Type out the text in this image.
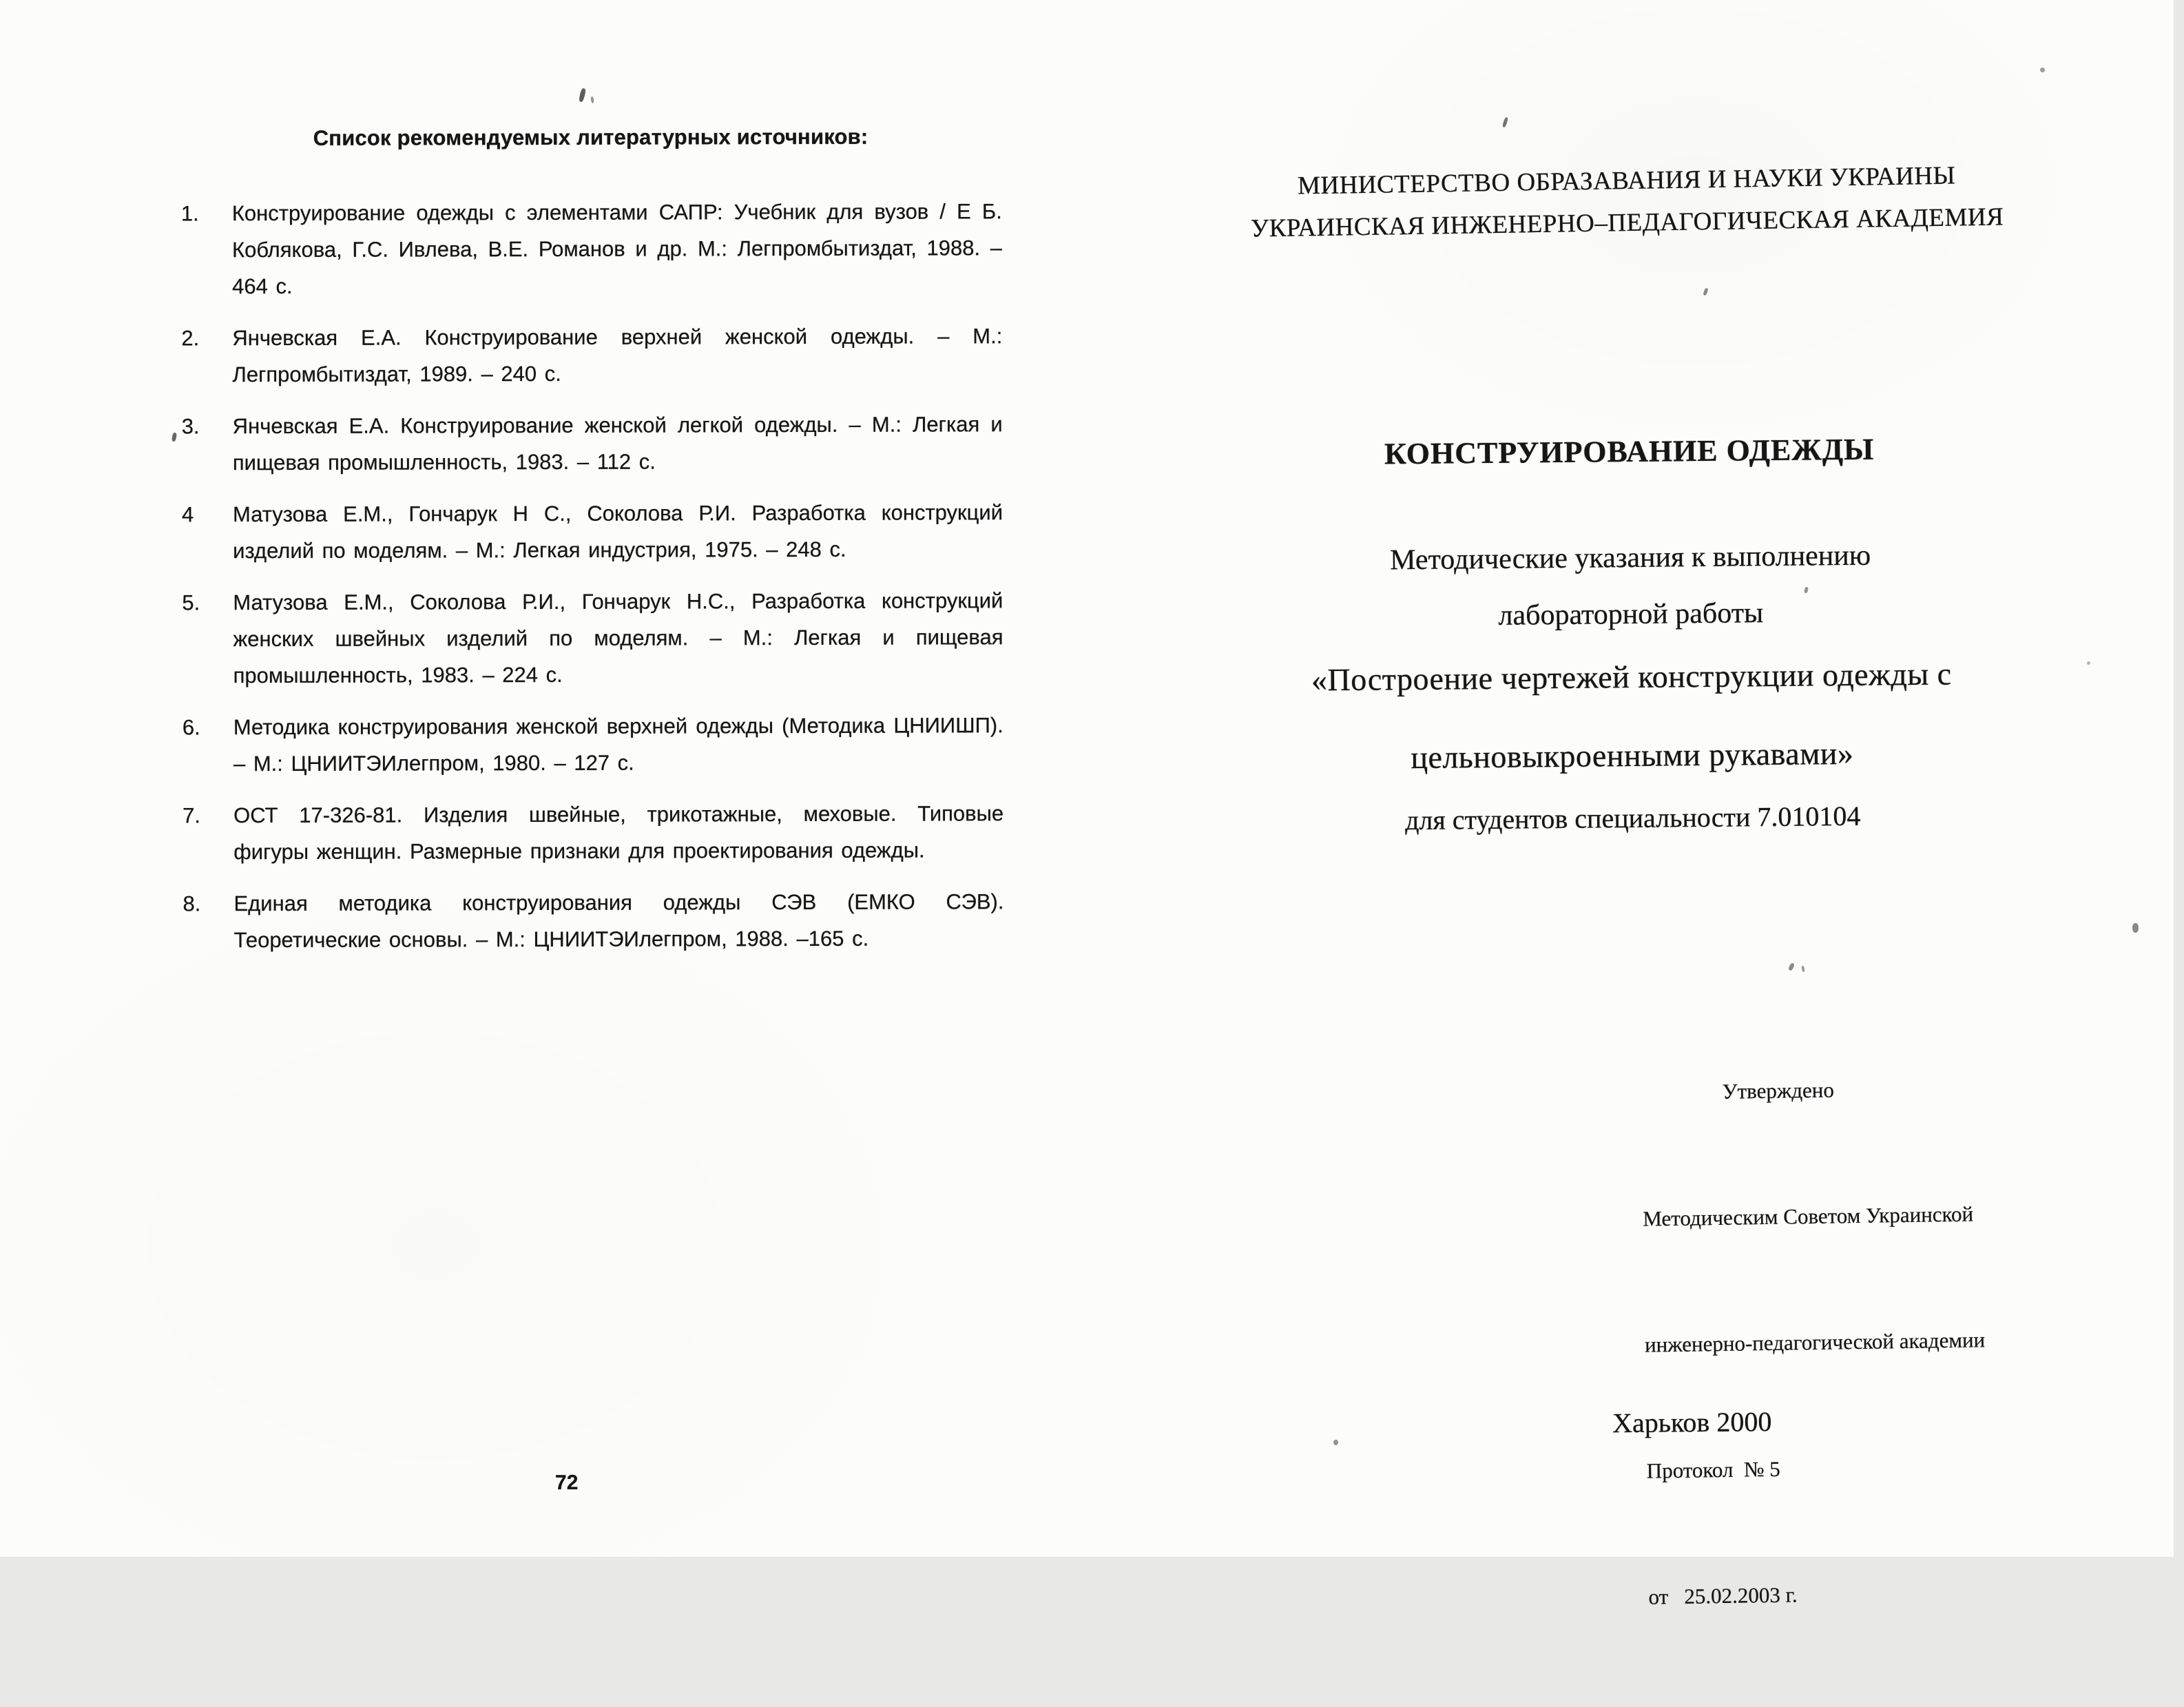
Список рекомендуемых литературных источников:
1.	Конструирование одежды с элементами САПР: Учебник для вузов / Е Б. Коблякова, Г.С. Ивлева, В.Е. Романов и др. М.: Легпромбытиздат, 1988. – 464 с.
2.	Янчевская Е.А. Конструирование верхней женской одежды. – М.: Легпромбытиздат, 1989. – 240 с.
3.	Янчевская Е.А. Конструирование женской легкой одежды. – М.: Легкая и пищевая промышленность, 1983. – 112 с.
4	Матузова Е.М., Гончарук Н С., Соколова Р.И. Разработка конструкций изделий по моделям. – М.: Легкая индустрия, 1975. – 248 с.
5.	Матузова Е.М., Соколова Р.И., Гончарук Н.С., Разработка конструкций женских швейных изделий по моделям. – М.: Легкая и пищевая промышленность, 1983. – 224 с.
6.	Методика конструирования женской верхней одежды (Методика ЦНИИШП). – М.: ЦНИИТЭИлегпром, 1980. – 127 с.
7.	ОСТ 17-326-81. Изделия швейные, трикотажные, меховые. Типовые фигуры женщин. Размерные признаки для проектирования одежды.
8.	Единая методика конструирования одежды СЭВ (ЕМКО СЭВ). Теоретические основы. – М.: ЦНИИТЭИлегпром, 1988. –165 с.
72
МИНИСТЕРСТВО ОБРАЗАВАНИЯ И НАУКИ УКРАИНЫ
УКРАИНСКАЯ ИНЖЕНЕРНО–ПЕДАГОГИЧЕСКАЯ АКАДЕМИЯ
КОНСТРУИРОВАНИЕ ОДЕЖДЫ
Методические указания к выполнению
лабораторной работы
«Построение чертежей конструкции одежды с
цельновыкроенными рукавами»
для студентов специальности 7.010104

Утверждено

Методическим Советом Украинской

инженерно-педагогической академии

Протокол  № 5

от   25.02.2003 г.

Харьков 2000
